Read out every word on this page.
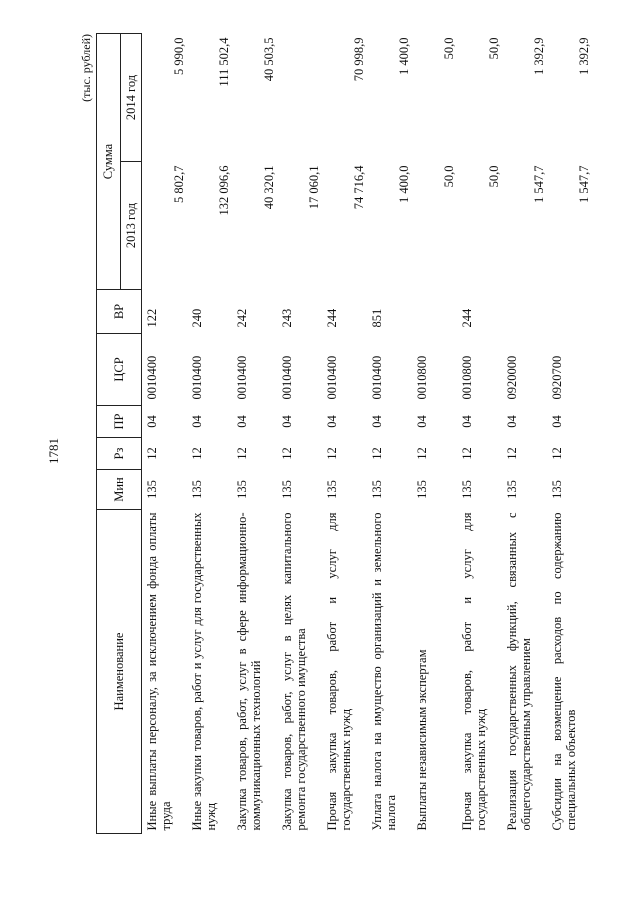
1781
(тыс. рублей)
Наименование	Мин	Рз	ПР	ЦСР	ВР	Сумма	
						2013 год	2014 год
Иные выплаты персоналу, за исключением фонда оплаты труда	135	12	04	0010400	122	5 802,7	5 990,0
Иные закупки товаров, работ и услуг для государственных нужд	135	12	04	0010400	240	132 096,6	111 502,4
Закупка товаров, работ, услуг в сфере информационно-коммуникационных технологий	135	12	04	0010400	242	40 320,1	40 503,5
Закупка товаров, работ, услуг в целях капитального ремонта государственного имущества	135	12	04	0010400	243	17 060,1	
Прочая закупка товаров, работ и услуг для государственных нужд	135	12	04	0010400	244	74 716,4	70 998,9
Уплата налога на имущество организаций и земельного налога	135	12	04	0010400	851	1 400,0	1 400,0
Выплаты независимым экспертам	135	12	04	0010800		50,0	50,0
Прочая закупка товаров, работ и услуг для государственных нужд	135	12	04	0010800	244	50,0	50,0
Реализация государственных функций, связанных с общегосударственным управлением	135	12	04	0920000		1 547,7	1 392,9
Субсидии на возмещение расходов по содержанию специальных объектов	135	12	04	0920700		1 547,7	1 392,9
